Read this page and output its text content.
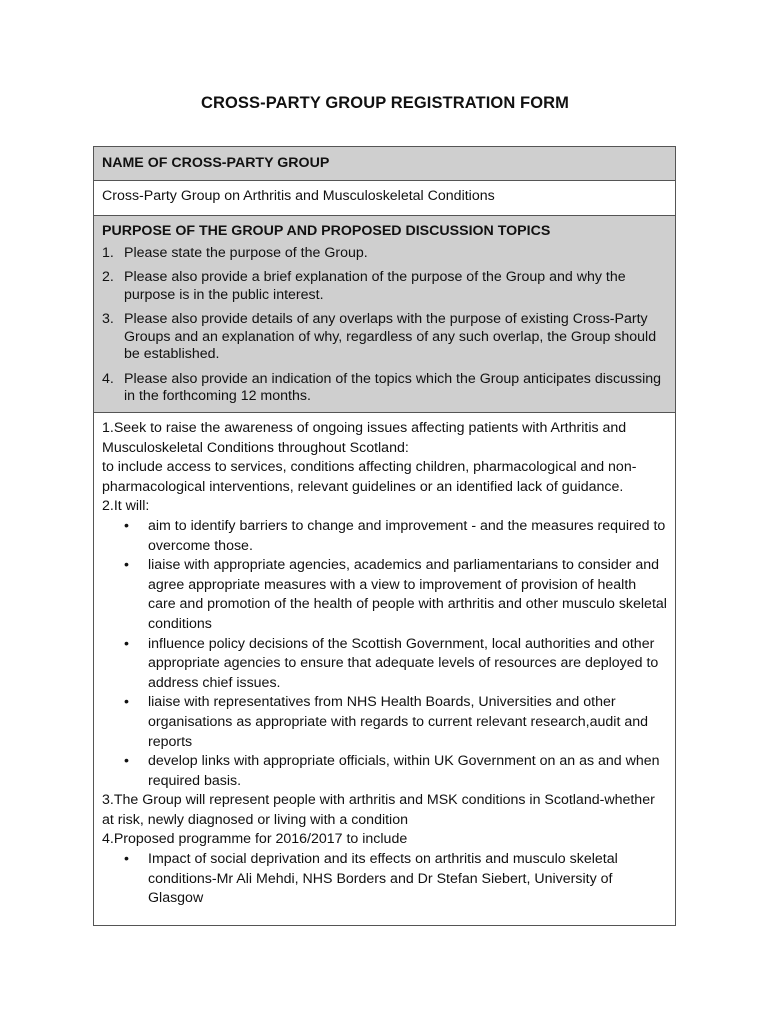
CROSS-PARTY GROUP REGISTRATION FORM
NAME OF CROSS-PARTY GROUP
Cross-Party Group on Arthritis and Musculoskeletal Conditions
PURPOSE OF THE GROUP AND PROPOSED DISCUSSION TOPICS
1. Please state the purpose of the Group.
2. Please also provide a brief explanation of the purpose of the Group and why the purpose is in the public interest.
3. Please also provide details of any overlaps with the purpose of existing Cross-Party Groups and an explanation of why, regardless of any such overlap, the Group should be established.
4. Please also provide an indication of the topics which the Group anticipates discussing in the forthcoming 12 months.

1.Seek to raise the awareness of ongoing issues affecting patients with Arthritis and Musculoskeletal Conditions throughout Scotland:

to include access to services, conditions affecting children, pharmacological and non-pharmacological interventions, relevant guidelines or an identified lack of guidance.

2.It will:

• aim to identify barriers to change and improvement - and the measures required to overcome those.
• liaise with appropriate agencies, academics and parliamentarians to consider and agree appropriate measures with a view to improvement of provision of health care and promotion of the health of people with arthritis and other musculo skeletal conditions
• influence policy decisions of the Scottish Government, local authorities and other appropriate agencies to ensure that adequate levels of resources are deployed to address chief issues.
• liaise with representatives from NHS Health Boards, Universities and other organisations as appropriate with regards to current relevant research,audit and reports
• develop links with appropriate officials, within UK Government on an as and when required basis.

3.The Group will represent people with arthritis and MSK conditions in Scotland-whether at risk, newly diagnosed or living with a condition

4.Proposed programme for 2016/2017 to include

• Impact of social deprivation and its effects on arthritis and musculo skeletal conditions-Mr Ali Mehdi, NHS Borders and Dr Stefan Siebert, University of Glasgow
